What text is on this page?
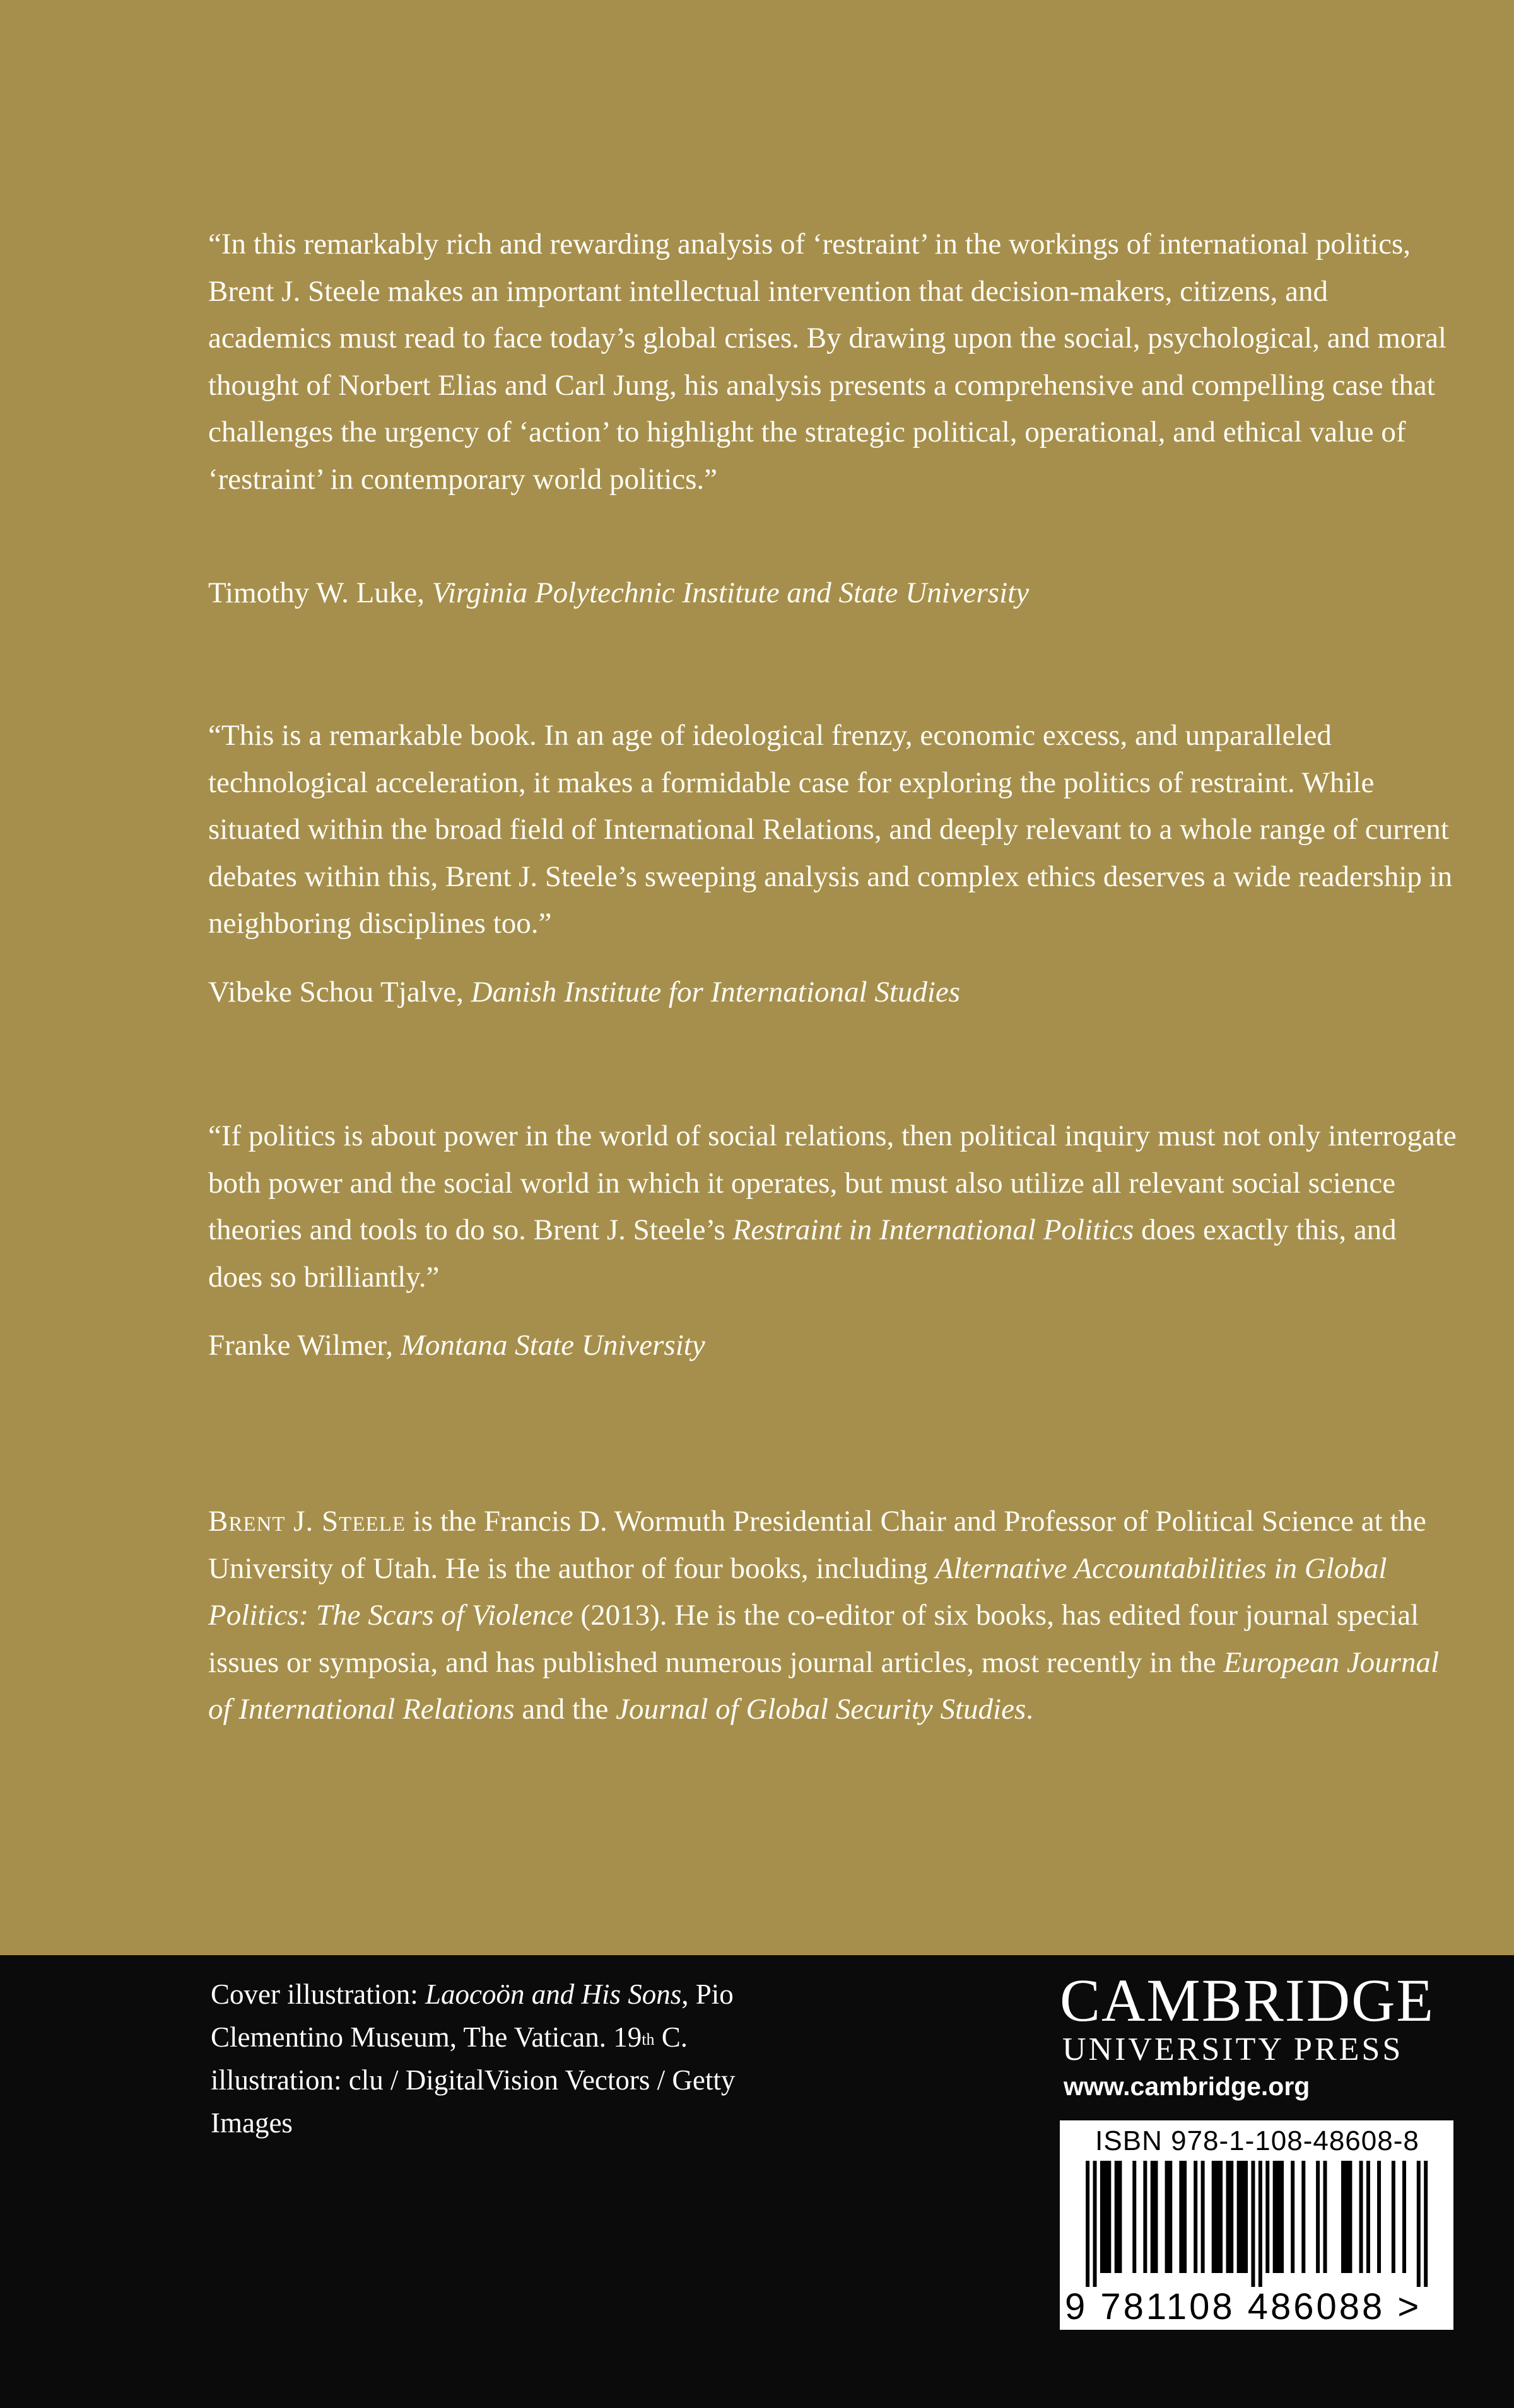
“In this remarkably rich and rewarding analysis of ‘restraint’ in the workings of international politics, Brent J. Steele makes an important intellectual intervention that decision-makers, citizens, and academics must read to face today’s global crises. By drawing upon the social, psychological, and moral thought of Norbert Elias and Carl Jung, his analysis presents a comprehensive and compelling case that challenges the urgency of ‘action’ to highlight the strategic political, operational, and ethical value of ‘restraint’ in contemporary world politics.”

Timothy W. Luke, Virginia Polytechnic Institute and State University

“This is a remarkable book. In an age of ideological frenzy, economic excess, and unparalleled technological acceleration, it makes a formidable case for exploring the politics of restraint. While situated within the broad field of International Relations, and deeply relevant to a whole range of current debates within this, Brent J. Steele’s sweeping analysis and complex ethics deserves a wide readership in neighboring disciplines too.”

Vibeke Schou Tjalve, Danish Institute for International Studies

“If politics is about power in the world of social relations, then political inquiry must not only interrogate both power and the social world in which it operates, but must also utilize all relevant social science theories and tools to do so. Brent J. Steele’s Restraint in International Politics does exactly this, and does so brilliantly.”

Franke Wilmer, Montana State University

Brent J. Steele is the Francis D. Wormuth Presidential Chair and Professor of Political Science at the University of Utah. He is the author of four books, including Alternative Accountabilities in Global Politics: The Scars of Violence (2013). He is the co-editor of six books, has edited four journal special issues or symposia, and has published numerous journal articles, most recently in the European Journal of International Relations and the Journal of Global Security Studies.

Cover illustration: Laocoön and His Sons, Pio Clementino Museum, The Vatican. 19th C. illustration: clu / DigitalVision Vectors / Getty Images

CAMBRIDGE
UNIVERSITY PRESS
www.cambridge.org
ISBN 978-1-108-48608-8
9 781108 486088 >
